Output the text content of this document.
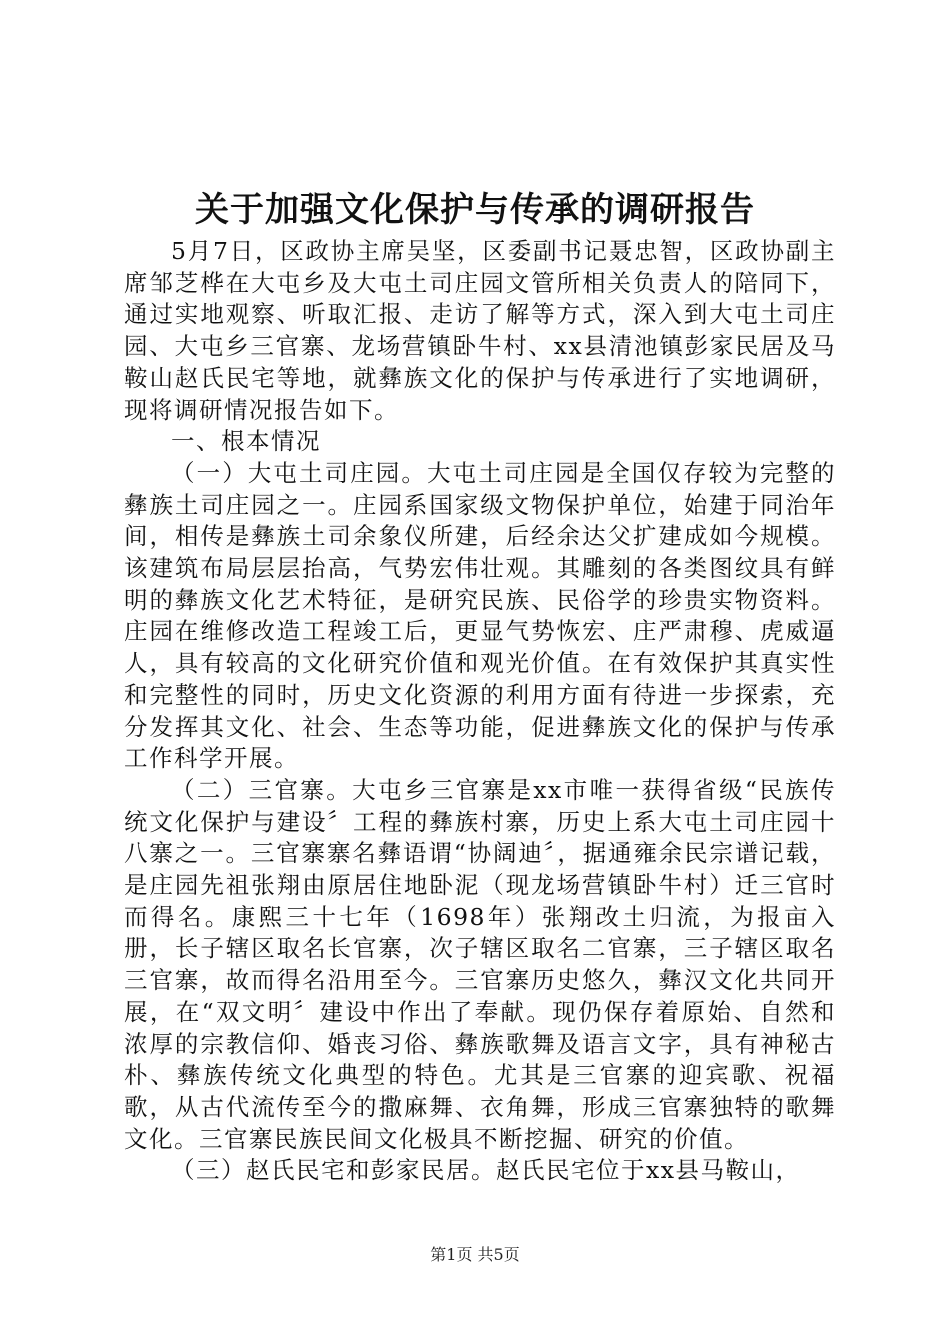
关于加强文化保护与传承的调研报告

5月7日，区政协主席吴坚，区委副书记聂忠智，区政协副主席邹芝桦在大屯乡及大屯土司庄园文管所相关负责人的陪同下，通过实地观察、听取汇报、走访了解等方式，深入到大屯土司庄园、大屯乡三官寨、龙场营镇卧牛村、xx县清池镇彭家民居及马鞍山赵氏民宅等地，就彝族文化的保护与传承进行了实地调研，现将调研情况报告如下。

一、根本情况

（一）大屯土司庄园。大屯土司庄园是全国仅存较为完整的彝族土司庄园之一。庄园系国家级文物保护单位，始建于同治年间，相传是彝族土司余象仪所建，后经余达父扩建成如今规模。该建筑布局层层抬高，气势宏伟壮观。其雕刻的各类图纹具有鲜明的彝族文化艺术特征，是研究民族、民俗学的珍贵实物资料。庄园在维修改造工程竣工后，更显气势恢宏、庄严肃穆、虎威逼人，具有较高的文化研究价值和观光价值。在有效保护其真实性和完整性的同时，历史文化资源的利用方面有待进一步探索，充分发挥其文化、社会、生态等功能，促进彝族文化的保护与传承工作科学开展。

（二）三官寨。大屯乡三官寨是xx市唯一获得省级“民族传统文化保护与建设〞工程的彝族村寨，历史上系大屯土司庄园十八寨之一。三官寨寨名彝语谓“协阔迪〞，据通雍余民宗谱记载，是庄园先祖张翔由原居住地卧泥（现龙场营镇卧牛村）迁三官时而得名。康熙三十七年（1698年）张翔改土归流，为报亩入册，长子辖区取名长官寨，次子辖区取名二官寨，三子辖区取名三官寨，故而得名沿用至今。三官寨历史悠久，彝汉文化共同开展，在“双文明〞建设中作出了奉献。现仍保存着原始、自然和浓厚的宗教信仰、婚丧习俗、彝族歌舞及语言文字，具有神秘古朴、彝族传统文化典型的特色。尤其是三官寨的迎宾歌、祝福歌，从古代流传至今的撒麻舞、衣角舞，形成三官寨独特的歌舞文化。三官寨民族民间文化极具不断挖掘、研究的价值。

（三）赵氏民宅和彭家民居。赵氏民宅位于xx县马鞍山，

第1页 共5页
